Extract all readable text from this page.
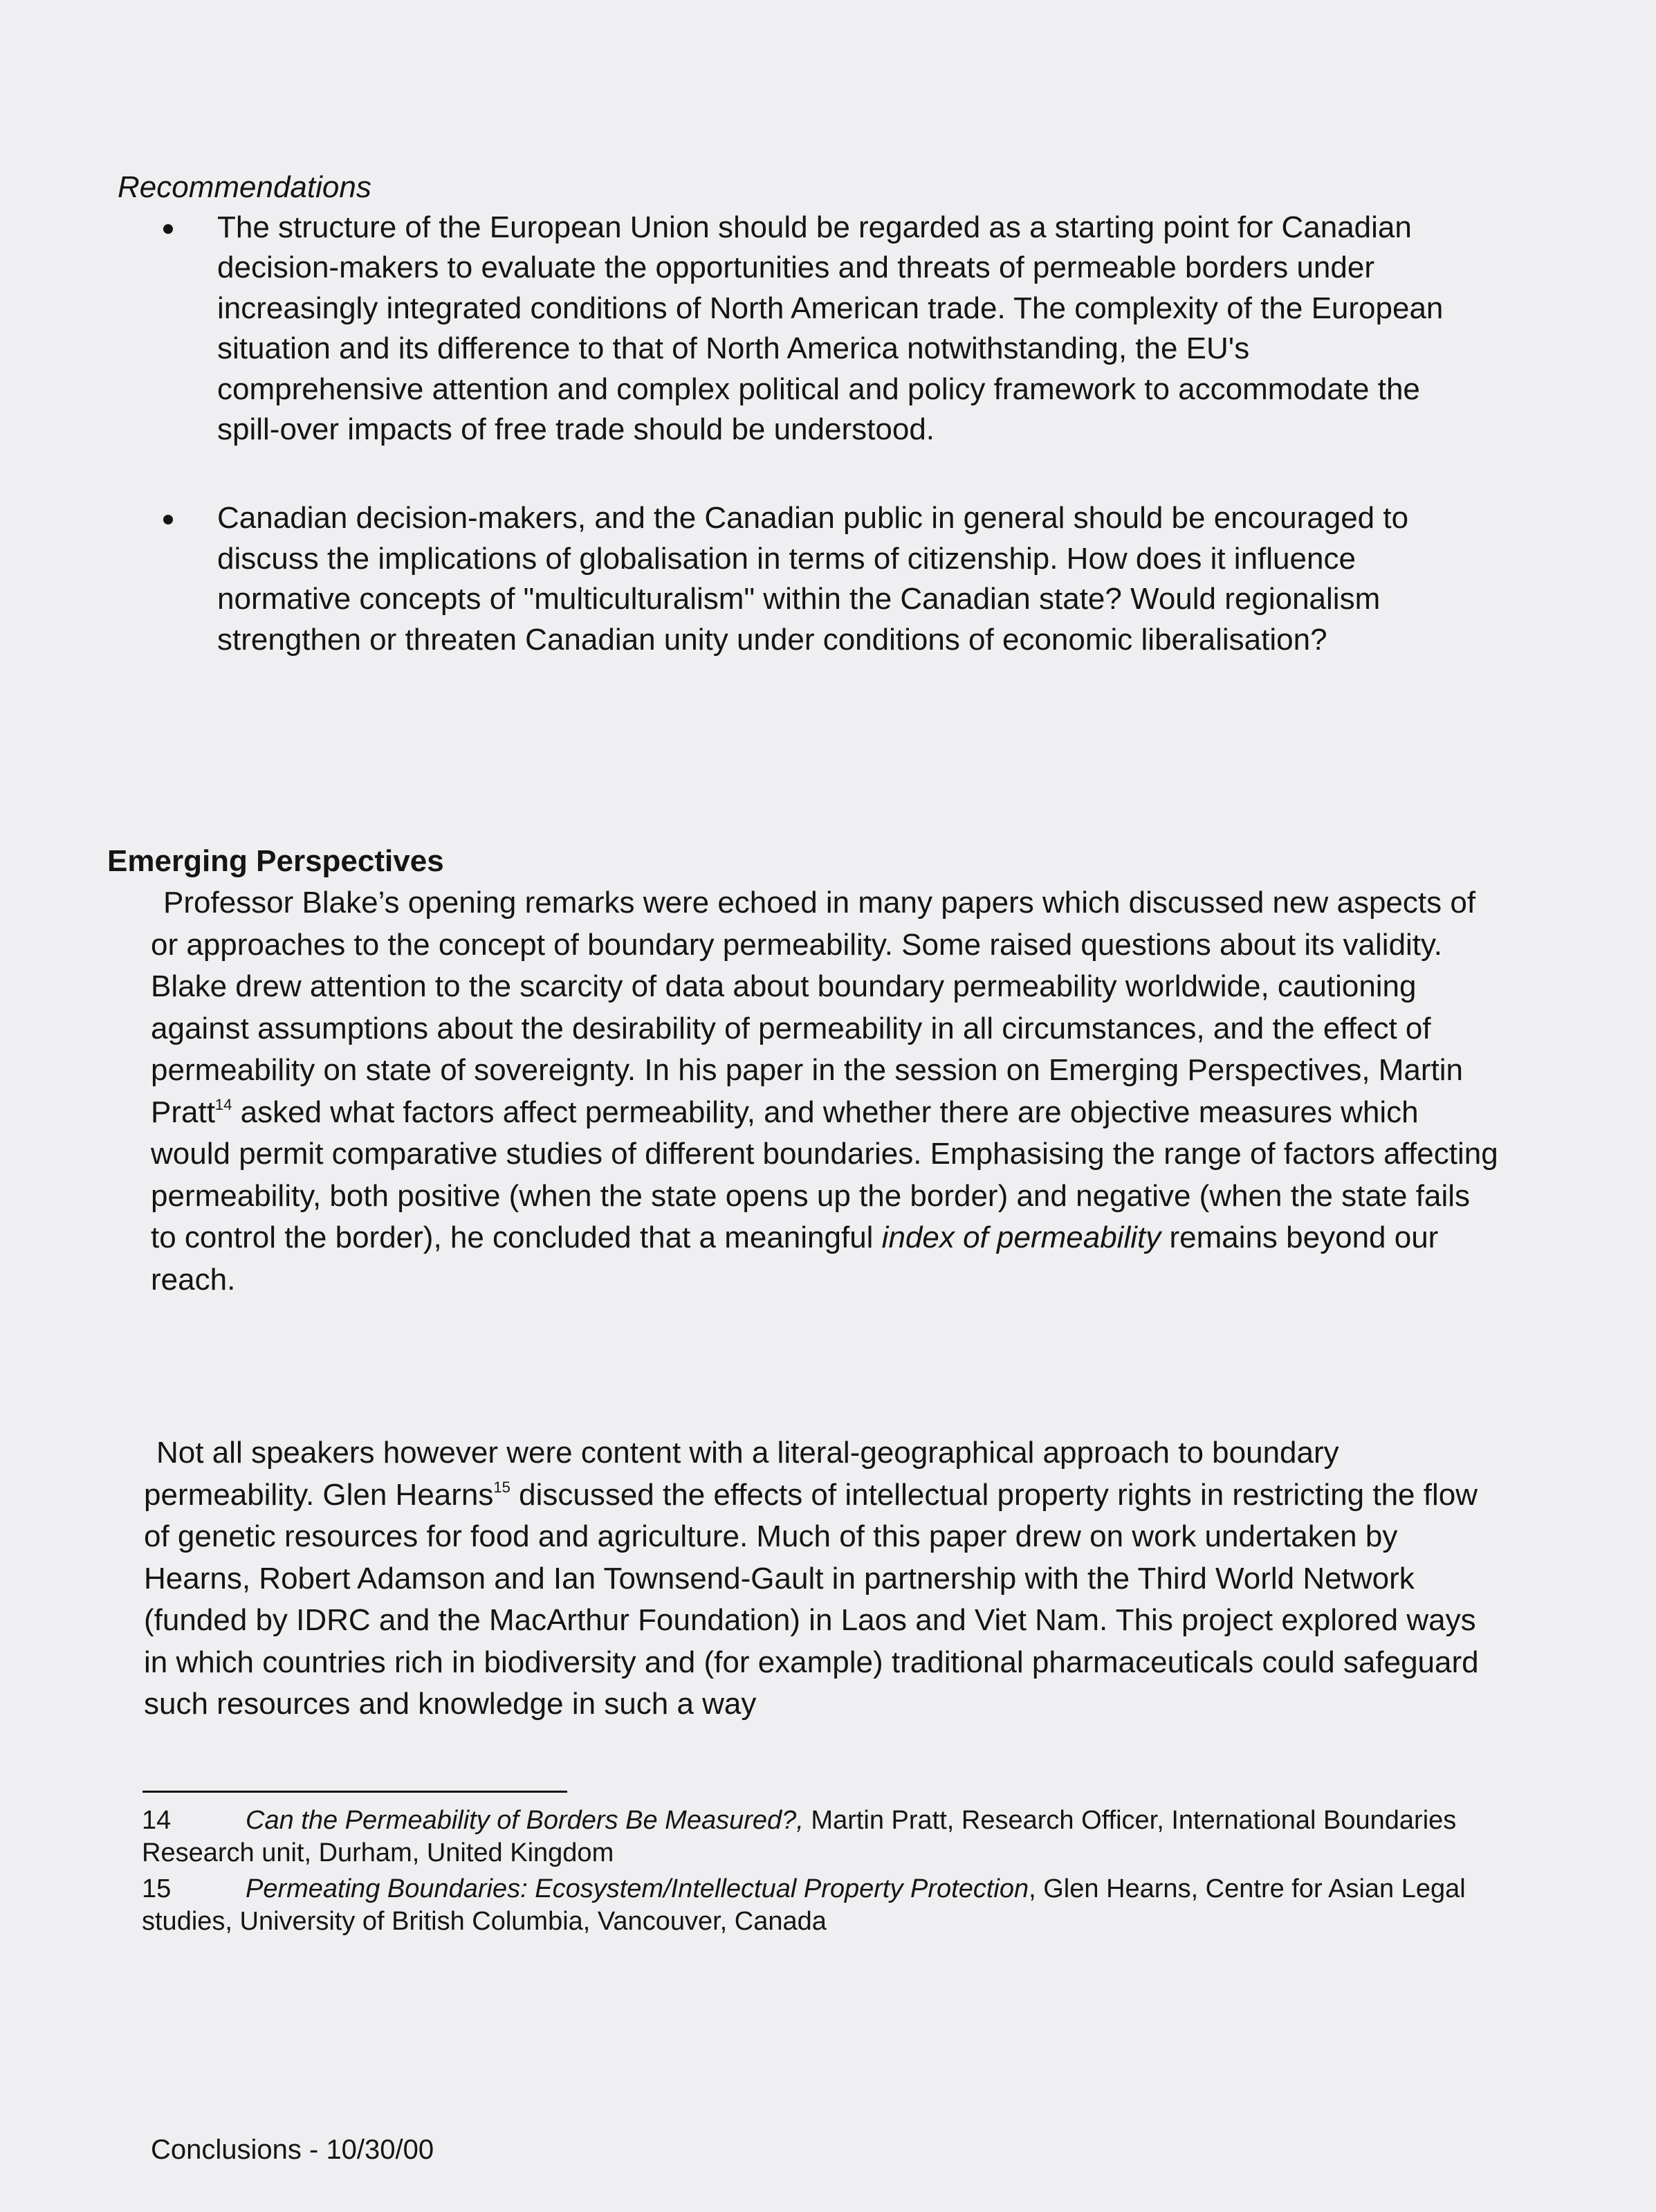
Recommendations
The structure of the European Union should be regarded as a starting point for Canadian decision-makers to evaluate the opportunities and threats of permeable borders under increasingly integrated conditions of North American trade. The complexity of the European situation and its difference to that of North America notwithstanding, the EU's comprehensive attention and complex political and policy framework to accommodate the spill-over impacts of free trade should be understood.
Canadian decision-makers, and the Canadian public in general should be encouraged to discuss the implications of globalisation in terms of citizenship. How does it influence normative concepts of "multiculturalism" within the Canadian state? Would regionalism strengthen or threaten Canadian unity under conditions of economic liberalisation?
Emerging Perspectives

Professor Blake’s opening remarks were echoed in many papers which discussed new aspects of or approaches to the concept of boundary permeability. Some raised questions about its validity. Blake drew attention to the scarcity of data about boundary permeability worldwide, cautioning against assumptions about the desirability of permeability in all circumstances, and the effect of permeability on state of sovereignty. In his paper in the session on Emerging Perspectives, Martin Pratt$^{14}$ asked what factors affect permeability, and whether there are objective measures which would permit comparative studies of different boundaries. Emphasising the range of factors affecting permeability, both positive (when the state opens up the border) and negative (when the state fails to control the border), he concluded that a meaningful index of permeability remains beyond our reach.

Not all speakers however were content with a literal-geographical approach to boundary permeability. Glen Hearns$^{15}$ discussed the effects of intellectual property rights in restricting the flow of genetic resources for food and agriculture. Much of this paper drew on work undertaken by Hearns, Robert Adamson and Ian Townsend-Gault in partnership with the Third World Network (funded by IDRC and the MacArthur Foundation) in Laos and Viet Nam. This project explored ways in which countries rich in biodiversity and (for example) traditional pharmaceuticals could safeguard such resources and knowledge in such a way

14	Can the Permeability of Borders Be Measured?, Martin Pratt, Research Officer, International Boundaries Research unit, Durham, United Kingdom
15	Permeating Boundaries: Ecosystem/Intellectual Property Protection, Glen Hearns, Centre for Asian Legal studies, University of British Columbia, Vancouver, Canada
Conclusions - 10/30/00
